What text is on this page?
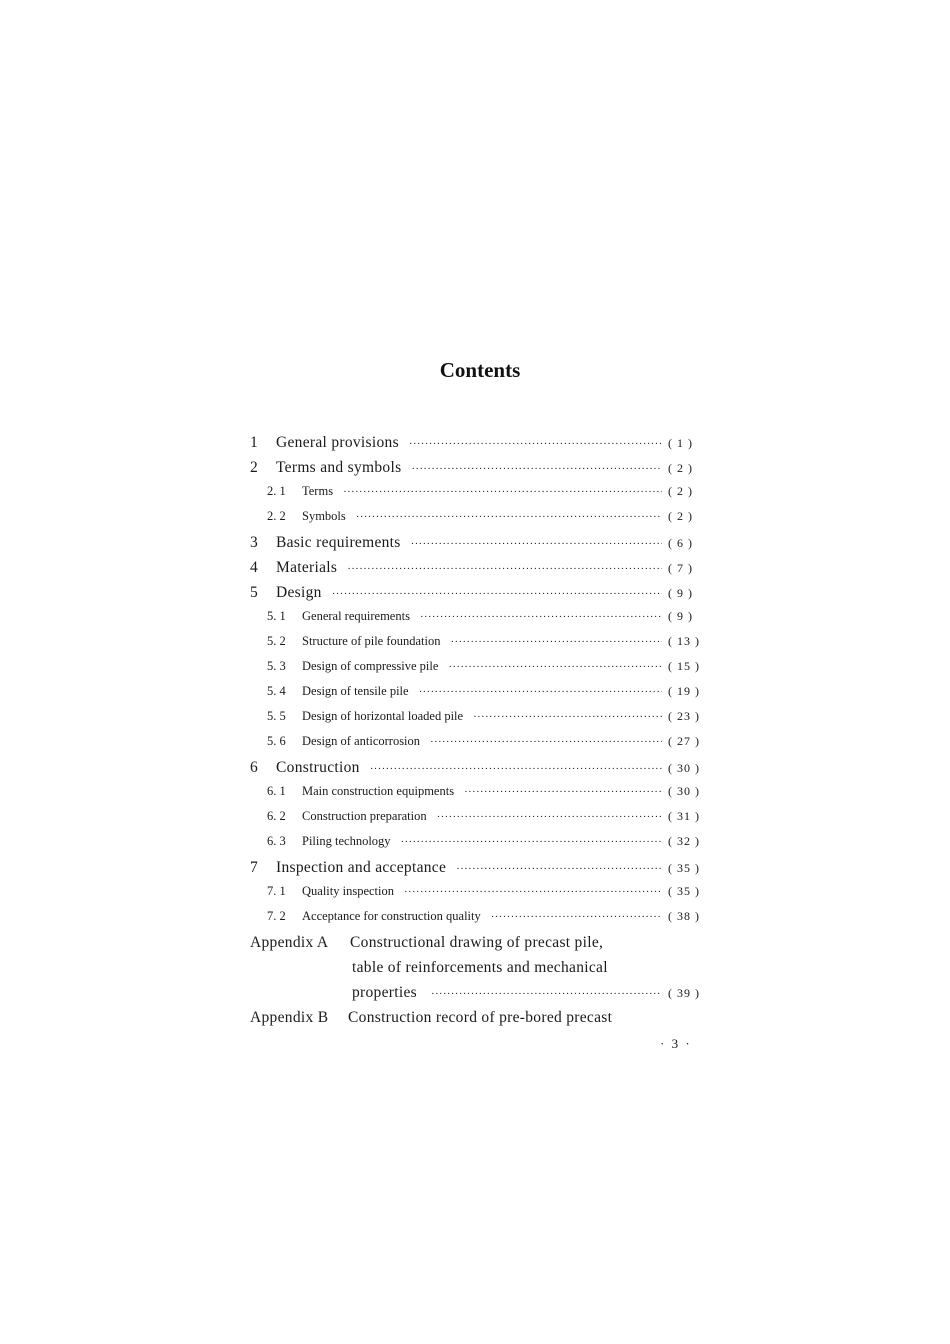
Contents
1	General provisions ·····	( 1 )
2	Terms and symbols ·····	( 2 )
2. 1	Terms ·····	( 2 )
2. 2	Symbols ·····	( 2 )
3	Basic requirements ·····	( 6 )
4	Materials ·····	( 7 )
5	Design ·····	( 9 )
5. 1	General requirements ·····	( 9 )
5. 2	Structure of pile foundation ·····	( 13 )
5. 3	Design of compressive pile ·····	( 15 )
5. 4	Design of tensile pile ·····	( 19 )
5. 5	Design of horizontal loaded pile ·····	( 23 )
5. 6	Design of anticorrosion ·····	( 27 )
6	Construction ·····	( 30 )
6. 1	Main construction equipments ·····	( 30 )
6. 2	Construction preparation ·····	( 31 )
6. 3	Piling technology ·····	( 32 )
7	Inspection and acceptance ·····	( 35 )
7. 1	Quality inspection ·····	( 35 )
7. 2	Acceptance for construction quality ·····	( 38 )
Appendix A	Constructional drawing of precast pile,
table of reinforcements and mechanical
properties ·····	( 39 )
Appendix B	Construction record of pre-bored precast
· 3 ·
